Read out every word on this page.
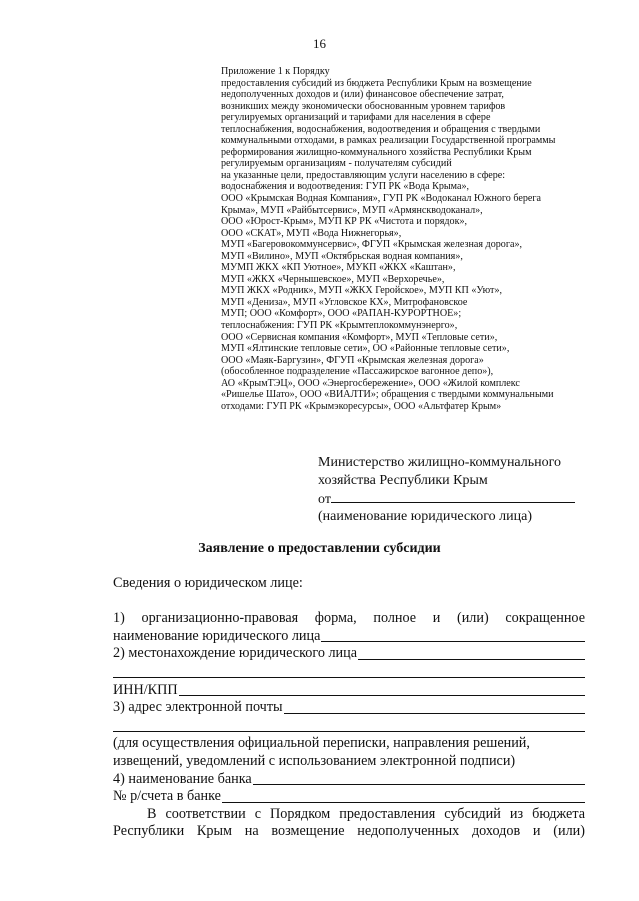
16
Приложение 1 к Порядку
предоставления субсидий из бюджета Республики Крым на возмещение
недополученных доходов и (или) финансовое обеспечение затрат,
возникших между экономически обоснованным уровнем тарифов
регулируемых организаций и тарифами для населения в сфере
теплоснабжения, водоснабжения, водоотведения и обращения с твердыми
коммунальными отходами, в рамках реализации Государственной программы
реформирования жилищно-коммунального хозяйства Республики Крым
регулируемым организациям - получателям субсидий
на указанные цели, предоставляющим услуги населению в сфере:
водоснабжения и водоотведения: ГУП РК «Вода Крыма»,
ООО «Крымская Водная Компания», ГУП РК «Водоканал Южного берега
Крыма», МУП «Райбытсервис», МУП «Армянскводоканал»,
ООО «Юрост-Крым», МУП КР РК «Чистота и порядок»,
ООО «СКАТ», МУП «Вода Нижнегорья»,
МУП «Багеровокоммунсервис», ФГУП «Крымская железная дорога»,
МУП «Вилино», МУП «Октябрьская водная компания»,
МУМП ЖКХ «КП Уютное», МУКП «ЖКХ «Каштан»,
МУП «ЖКХ «Чернышевское», МУП «Верхоречье»,
МУП ЖКХ «Родник», МУП «ЖКХ Геройское», МУП КП «Уют»,
МУП «Дениза», МУП «Угловское КХ», Митрофановское
МУП; ООО «Комфорт», ООО «РАПАН-КУРОРТНОЕ»;
теплоснабжения: ГУП РК «Крымтеплокоммунэнерго»,
ООО «Сервисная компания «Комфорт», МУП «Тепловые сети»,
МУП «Ялтинские тепловые сети», ОО «Районные тепловые сети»,
ООО «Маяк-Баргузин», ФГУП «Крымская железная дорога»
(обособленное подразделение «Пассажирское вагонное депо»),
АО «КрымТЭЦ», ООО «Энергосбережение», ООО «Жилой комплекс
«Ришелье Шато», ООО «ВИАЛТИ»; обращения с твердыми коммунальными
отходами: ГУП РК «Крымэкоресурсы», ООО «Альтфатер Крым»
Министерство жилищно-коммунального
хозяйства Республики Крым
от
(наименование юридического лица)
Заявление о предоставлении субсидии
Сведения о юридическом лице:
1) организационно-правовая форма, полное и (или) сокращенное
наименование юридического лица
2) местонахождение юридического лица
ИНН/КПП
3) адрес электронной почты
(для осуществления официальной переписки, направления решений,
извещений, уведомлений с использованием электронной подписи)
4) наименование банка
№ р/счета в банке
В соответствии с Порядком предоставления субсидий из бюджета
Республики Крым на возмещение недополученных доходов и (или)
